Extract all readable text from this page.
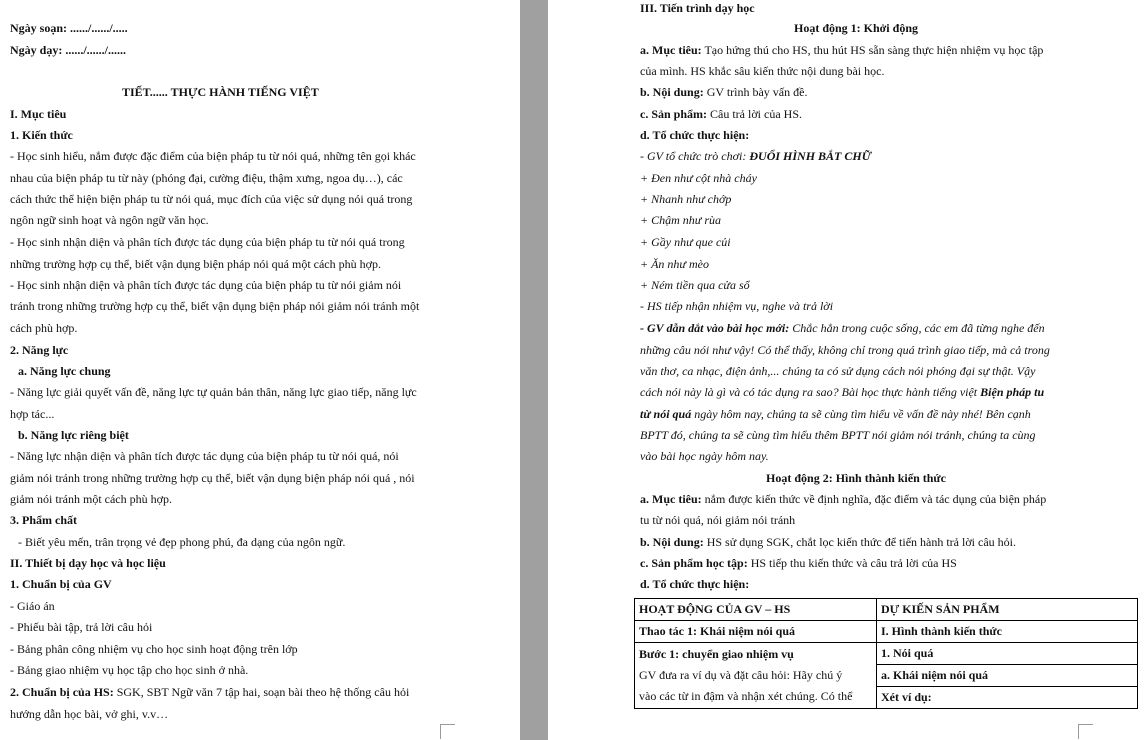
Ngày soạn: ....../....../.....
Ngày dạy: ....../....../......
TIẾT...... THỰC HÀNH TIẾNG VIỆT
I. Mục tiêu
1. Kiến thức
- Học sinh hiểu, nắm được đặc điểm của biện pháp tu từ nói quá, những tên gọi khác
nhau của biện pháp tu từ này (phóng đại, cường điệu, thậm xưng, ngoa dụ…), các
cách thức thể hiện biện pháp tu từ nói quá, mục đích của việc sử dụng nói quá trong
ngôn ngữ sinh hoạt và ngôn ngữ văn học.
- Học sinh nhận diện và phân tích được tác dụng của biện pháp tu từ nói quá trong
những trường hợp cụ thể, biết vận dụng biện pháp nói quá một cách phù hợp.
- Học sinh nhận diện và phân tích được tác dụng của biện pháp tu từ nói giảm nói
tránh trong những trường hợp cụ thể, biết vận dụng biện pháp nói giảm nói tránh một
cách phù hợp.
2. Năng lực
a. Năng lực chung
- Năng lực giải quyết vấn đề, năng lực tự quản bản thân, năng lực giao tiếp, năng lực
hợp tác...
b. Năng lực riêng biệt
- Năng lực nhận diện và phân tích được tác dụng của biện pháp tu từ nói quá, nói
giảm nói tránh trong những trường hợp cụ thể, biết vận dụng biện pháp nói quá , nói
giảm nói tránh một cách phù hợp.
3. Phẩm chất
- Biết yêu mến, trân trọng vẻ đẹp phong phú, đa dạng của ngôn ngữ.
II. Thiết bị dạy học và học liệu
1. Chuẩn bị của GV
- Giáo án
- Phiếu bài tập, trả lời câu hỏi
- Bảng phân công nhiệm vụ cho học sinh hoạt động trên lớp
- Bảng giao nhiệm vụ học tập cho học sinh ở nhà.
2. Chuẩn bị của HS: SGK, SBT Ngữ văn 7 tập hai, soạn bài theo hệ thống câu hỏi
hướng dẫn học bài, vở ghi, v.v…
III. Tiến trình dạy học
Hoạt động 1: Khởi động
a. Mục tiêu: Tạo hứng thú cho HS, thu hút HS sẵn sàng thực hiện nhiệm vụ học tập
của mình. HS khắc sâu kiến thức nội dung bài học.
b. Nội dung: GV trình bày vấn đề.
c. Sản phẩm: Câu trả lời của HS.
d. Tổ chức thực hiện:
- GV tổ chức trò chơi: ĐUỔI HÌNH BẮT CHỮ
+ Đen như cột nhà cháy
+ Nhanh như chớp
+ Chậm như rùa
+ Gầy như que củi
+ Ăn như mèo
+ Ném tiền qua cửa sổ
- HS tiếp nhận nhiệm vụ, nghe và trả lời
- GV dẫn dắt vào bài học mới: Chắc hẳn trong cuộc sống, các em đã từng nghe đến
những câu nói như vậy! Có thể thấy, không chỉ trong quá trình giao tiếp, mà cả trong
văn thơ, ca nhạc, điện ảnh,... chúng ta có sử dụng cách nói phóng đại sự thật. Vậy
cách nói này là gì và có tác dụng ra sao? Bài học thực hành tiếng việt Biện pháp tu
từ nói quá ngày hôm nay, chúng ta sẽ cùng tìm hiểu về vấn đề này nhé! Bên cạnh
BPTT đó, chúng ta sẽ cùng tìm hiểu thêm BPTT nói giảm nói tránh, chúng ta cùng
vào bài học ngày hôm nay.
Hoạt động 2: Hình thành kiến thức
a. Mục tiêu: nắm được kiến thức về định nghĩa, đặc điểm và tác dụng của biện pháp
tu từ nói quá, nói giảm nói tránh
b. Nội dung: HS sử dụng SGK, chắt lọc kiến thức để tiến hành trả lời câu hỏi.
c. Sản phẩm học tập: HS tiếp thu kiến thức và câu trả lời của HS
d. Tổ chức thực hiện:
HOẠT ĐỘNG CỦA GV – HS	DỰ KIẾN SẢN PHẨM
Thao tác 1: Khái niệm nói quá	I. Hình thành kiến thức

Bước 1: chuyển giao nhiệm vụ
GV đưa ra ví dụ và đặt câu hỏi: Hãy chú ý
vào các từ in đậm và nhận xét chúng. Có thể	1. Nói quá
	a. Khái niệm nói quá
	Xét ví dụ:
